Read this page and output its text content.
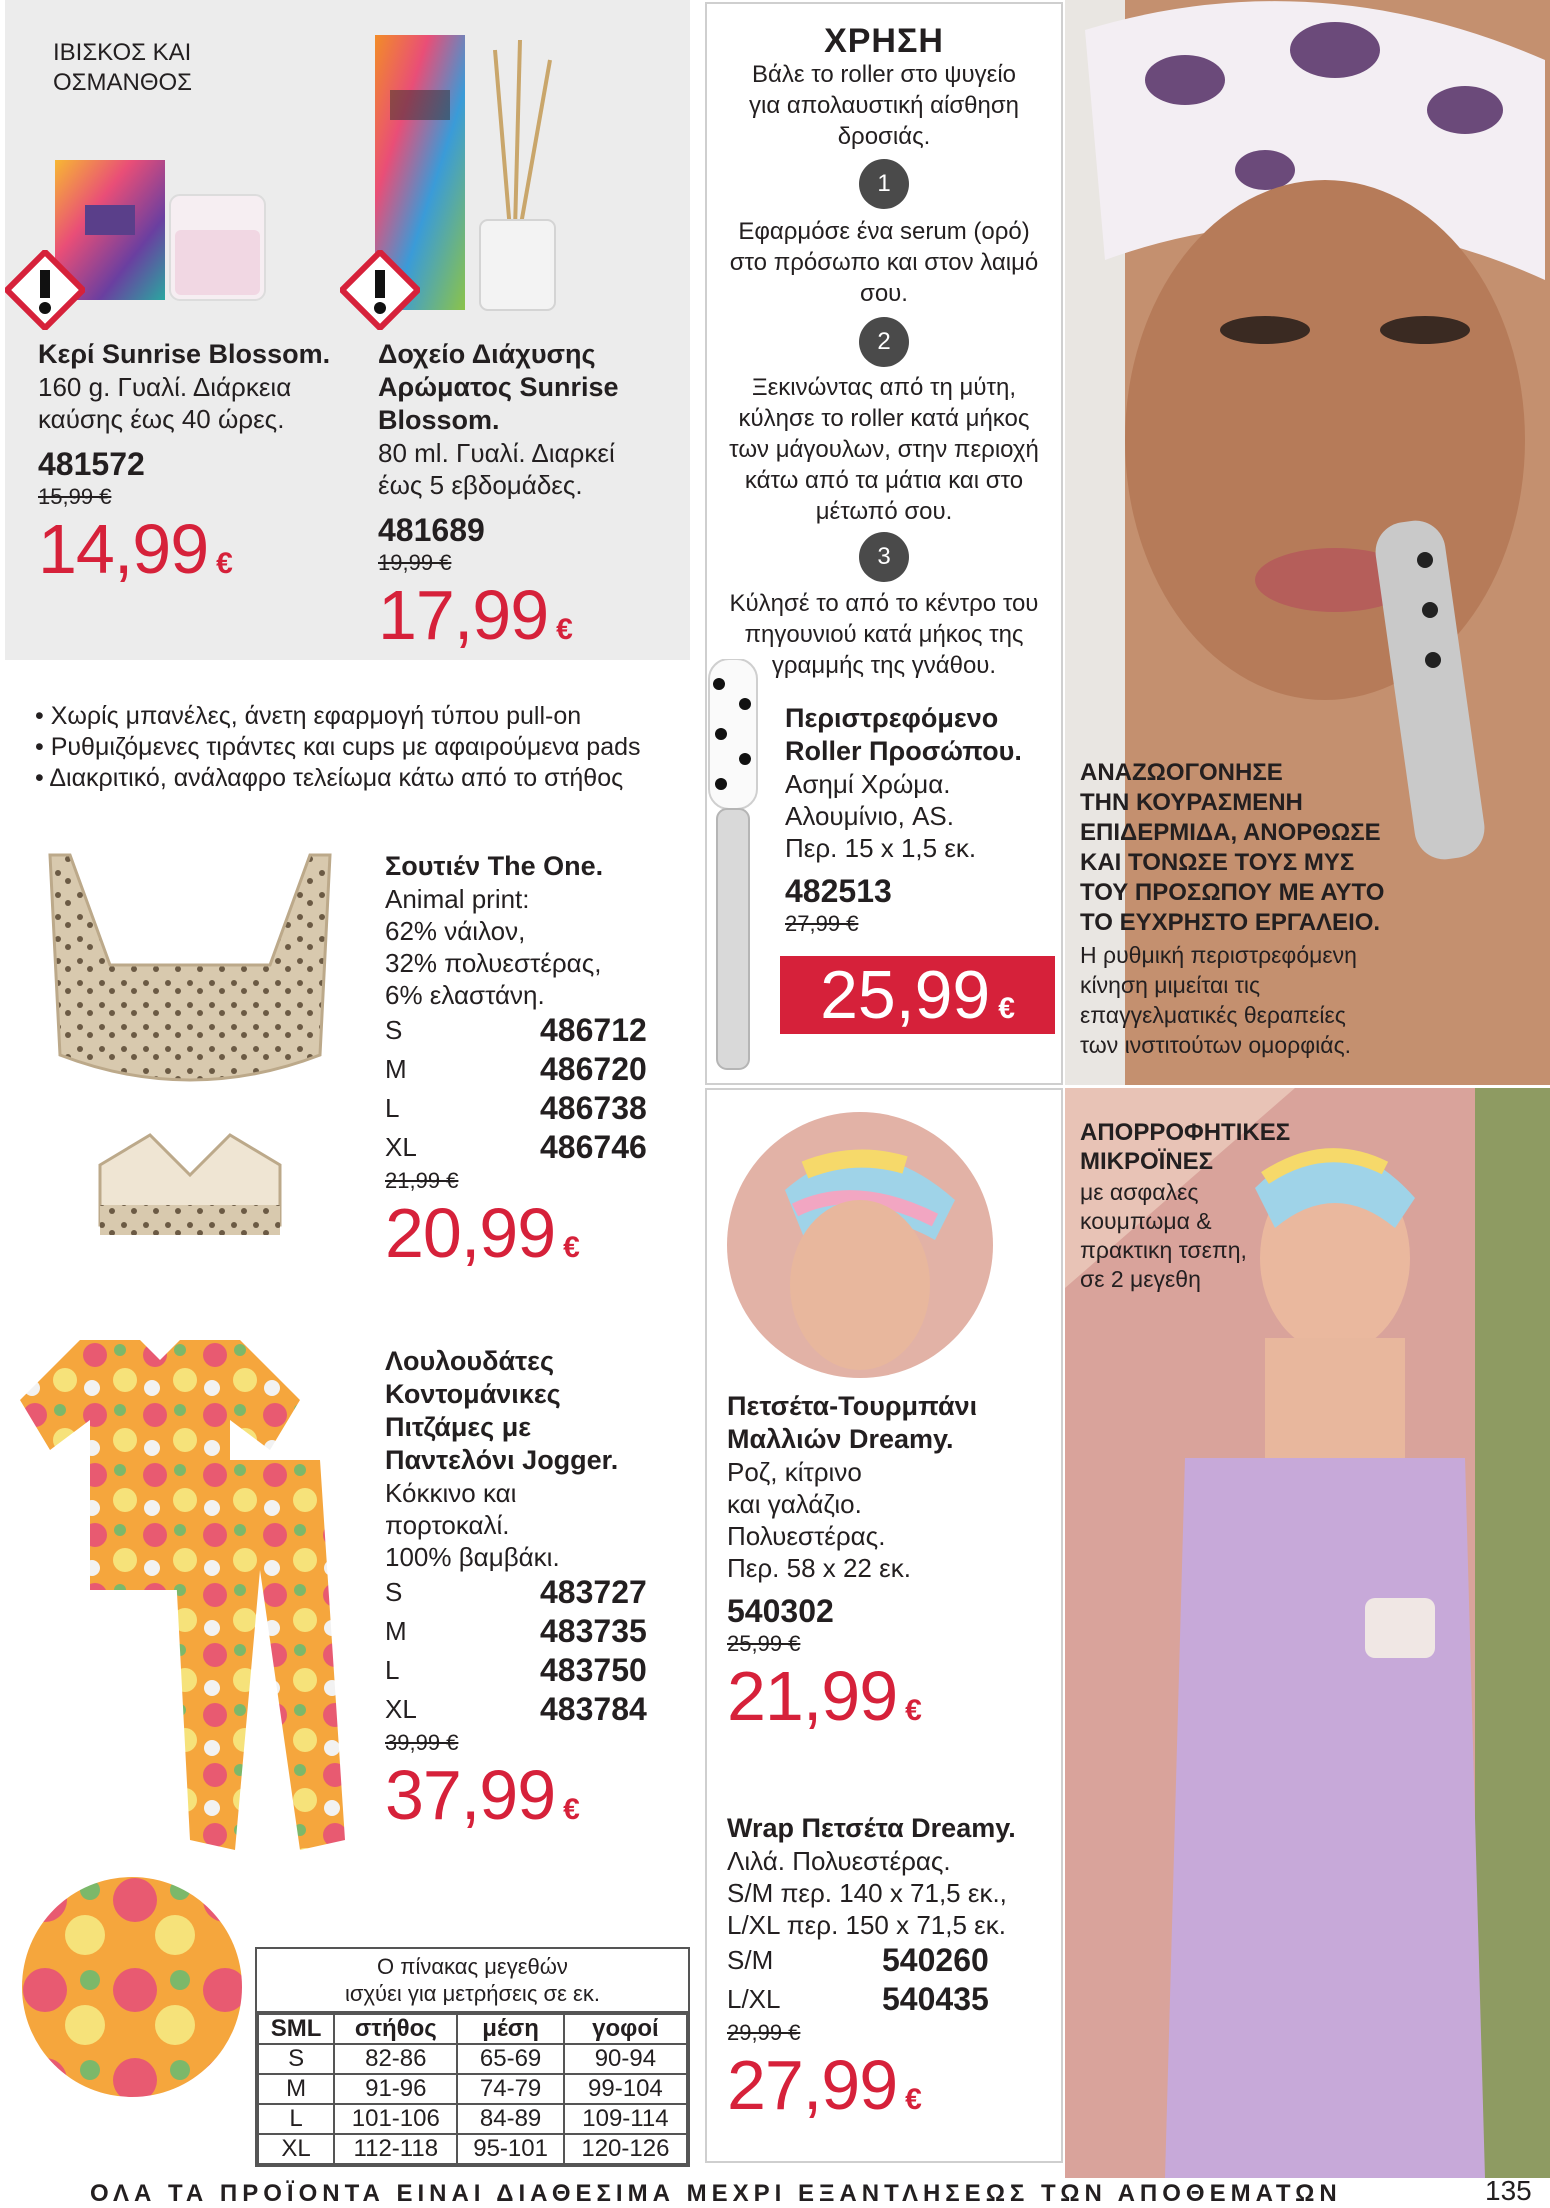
ΙΒΙΣΚΟΣ ΚΑΙ
ΟΣΜΑΝΘΟΣ
Κερί Sunrise Blossom.
160 g. Γυαλί. Διάρκεια
καύσης έως 40 ώρες.
481572
15,99 €
14,99 €
Δοχείο Διάχυσης
Αρώματος Sunrise
Blossom.
80 ml. Γυαλί. Διαρκεί
έως 5 εβδομάδες.
481689
19,99 €
17,99 €
• Χωρίς μπανέλες, άνετη εφαρμογή τύπου pull-on
• Ρυθμιζόμενες τιράντες και cups με αφαιρούμενα pads
• Διακριτικό, ανάλαφρο τελείωμα κάτω από το στήθος
Σουτιέν The One.
Animal print:
62% νάιλον,
32% πολυεστέρας,
6% ελαστάνη.
S	486712
M	486720
L	486738
XL	486746
21,99 €
20,99 €
Λουλουδάτες
Κοντομάνικες
Πιτζάμες με
Παντελόνι Jogger.
Κόκκινο και
πορτοκαλί.
100% βαμβάκι.
S	483727
M	483735
L	483750
XL	483784
39,99 €
37,99 €
Ο πίνακας μεγεθών
ισχύει για μετρήσεις σε εκ.
SML	στήθος	μέση	γοφοί
S	82-86	65-69	90-94
M	91-96	74-79	99-104
L	101-106	84-89	109-114
XL	112-118	95-101	120-126
ΧΡΗΣΗ
Βάλε το roller στο ψυγείο
για απολαυστική αίσθηση
δροσιάς.
1
Εφαρμόσε ένα serum (ορό)
στο πρόσωπο και στον λαιμό
σου.
2
Ξεκινώντας από τη μύτη,
κύλησε το roller κατά μήκος
των μάγουλων, στην περιοχή
κάτω από τα μάτια και στο
μέτωπό σου.
3
Κύλησέ το από το κέντρο του
πηγουνιού κατά μήκος της
γραμμής της γνάθου.
Περιστρεφόμενο
Roller Προσώπου.
Ασημί Χρώμα.
Αλουμίνιο, AS.
Περ. 15 x 1,5 εκ.
482513
27,99 €
25,99 €
ΑΝΑΖΩΟΓΟΝΗΣΕ
ΤΗΝ ΚΟΥΡΑΣΜΕΝΗ
ΕΠΙΔΕΡΜΙΔΑ, ΑΝΟΡΘΩΣΕ
ΚΑΙ ΤΟΝΩΣΕ ΤΟΥΣ ΜΥΣ
ΤΟΥ ΠΡΟΣΩΠΟΥ ΜΕ ΑΥΤΟ
ΤΟ ΕΥΧΡΗΣΤΟ ΕΡΓΑΛΕΙΟ.
Η ρυθμική περιστρεφόμενη
κίνηση μιμείται τις
επαγγελματικές θεραπείες
των ινστιτούτων ομορφιάς.
Πετσέτα-Τουρμπάνι
Μαλλιών Dreamy.
Ροζ, κίτρινο
και γαλάζιο.
Πολυεστέρας.
Περ. 58 x 22 εκ.
540302
25,99 €
21,99 €
Wrap Πετσέτα Dreamy.
Λιλά. Πολυεστέρας.
S/M περ. 140 x 71,5 εκ.,
L/XL περ. 150 x 71,5 εκ.
S/M	540260
L/XL	540435
29,99 €
27,99 €
ΑΠΟΡΡΟΦΗΤΙΚΕΣ
ΜΙΚΡΟΪΝΕΣ
με ασφαλες
κουμπωμα &
πρακτικη τσεπη,
σε 2 μεγεθη
ΟΛΑ ΤΑ ΠΡΟΪΟΝΤΑ ΕΙΝΑΙ ΔΙΑΘΕΣΙΜΑ ΜΕΧΡΙ ΕΞΑΝΤΛΗΣΕΩΣ ΤΩΝ ΑΠΟΘΕΜΑΤΩΝ	135
